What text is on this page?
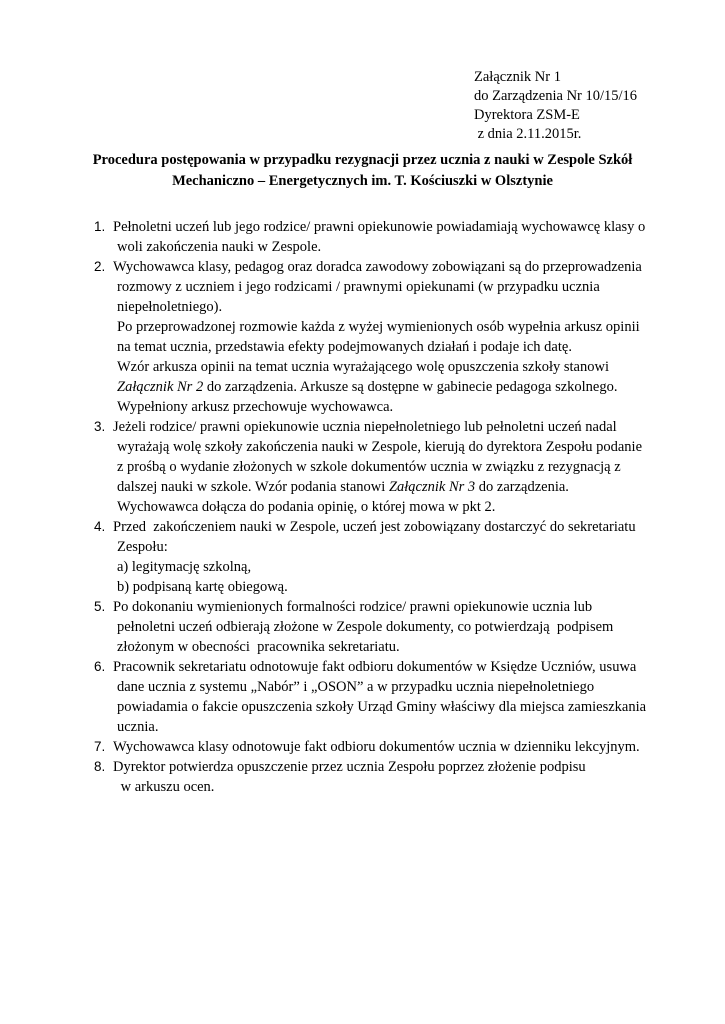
Załącznik Nr 1
do Zarządzenia Nr 10/15/16
Dyrektora ZSM-E
z dnia 2.11.2015r.
Procedura postępowania w przypadku rezygnacji przez ucznia z nauki w Zespole Szkół
Mechaniczno – Energetycznych im. T. Kościuszki w Olsztynie
1. Pełnoletni uczeń lub jego rodzice/ prawni opiekunowie powiadamiają wychowawcę klasy o
woli zakończenia nauki w Zespole.
2. Wychowawca klasy, pedagog oraz doradca zawodowy zobowiązani są do przeprowadzenia
rozmowy z uczniem i jego rodzicami / prawnymi opiekunami (w przypadku ucznia
niepełnoletniego).
Po przeprowadzonej rozmowie każda z wyżej wymienionych osób wypełnia arkusz opinii
na temat ucznia, przedstawia efekty podejmowanych działań i podaje ich datę.
Wzór arkusza opinii na temat ucznia wyrażającego wolę opuszczenia szkoły stanowi
Załącznik Nr 2 do zarządzenia. Arkusze są dostępne w gabinecie pedagoga szkolnego.
Wypełniony arkusz przechowuje wychowawca.
3. Jeżeli rodzice/ prawni opiekunowie ucznia niepełnoletniego lub pełnoletni uczeń nadal
wyrażają wolę szkoły zakończenia nauki w Zespole, kierują do dyrektora Zespołu podanie
z prośbą o wydanie złożonych w szkole dokumentów ucznia w związku z rezygnacją z
dalszej nauki w szkole. Wzór podania stanowi Załącznik Nr 3 do zarządzenia.
Wychowawca dołącza do podania opinię, o której mowa w pkt 2.
4. Przed  zakończeniem nauki w Zespole, uczeń jest zobowiązany dostarczyć do sekretariatu
Zespołu:
a) legitymację szkolną,
b) podpisaną kartę obiegową.
5. Po dokonaniu wymienionych formalności rodzice/ prawni opiekunowie ucznia lub
pełnoletni uczeń odbierają złożone w Zespole dokumenty, co potwierdzają  podpisem
złożonym w obecności  pracownika sekretariatu.
6. Pracownik sekretariatu odnotowuje fakt odbioru dokumentów w Księdze Uczniów, usuwa
dane ucznia z systemu „Nabór” i „OSON” a w przypadku ucznia niepełnoletniego
powiadamia o fakcie opuszczenia szkoły Urząd Gminy właściwy dla miejsca zamieszkania
ucznia.
7. Wychowawca klasy odnotowuje fakt odbioru dokumentów ucznia w dzienniku lekcyjnym.
8. Dyrektor potwierdza opuszczenie przez ucznia Zespołu poprzez złożenie podpisu
w arkuszu ocen.
